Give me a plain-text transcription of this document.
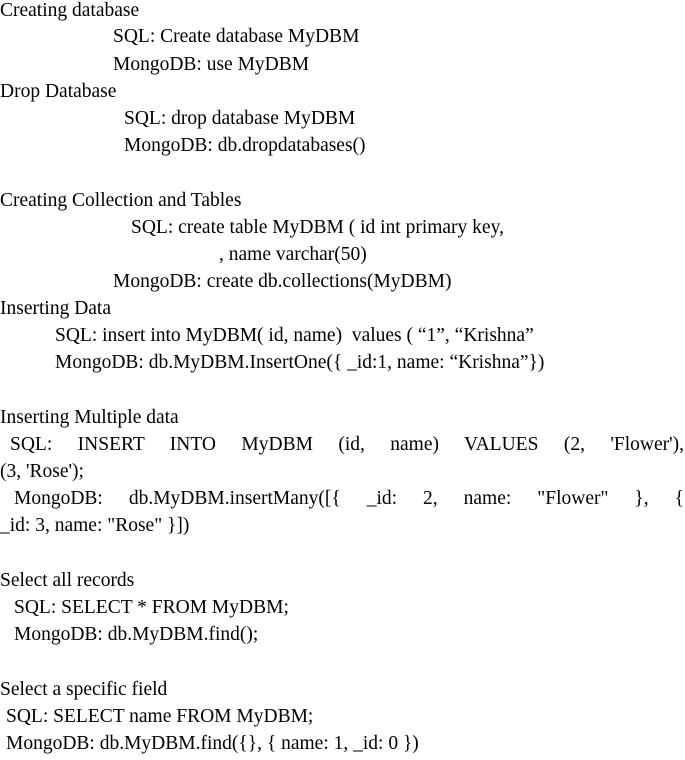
Creating database
SQL: Create database MyDBM
MongoDB: use MyDBM
Drop Database
SQL: drop database MyDBM
MongoDB: db.dropdatabases()
Creating Collection and Tables
SQL: create table MyDBM ( id int primary key,
, name varchar(50)
MongoDB: create db.collections(MyDBM)
Inserting Data
SQL: insert into MyDBM( id, name)  values ( “1”, “Krishna”
MongoDB: db.MyDBM.InsertOne({ _id:1, name: “Krishna”})
Inserting Multiple data
SQL: INSERT INTO MyDBM (id, name) VALUES (2, 'Flower'),
(3, 'Rose');
MongoDB: db.MyDBM.insertMany([{ _id: 2, name: "Flower" }, {
_id: 3, name: "Rose" }])
Select all records
SQL: SELECT * FROM MyDBM;
MongoDB: db.MyDBM.find();
Select a specific field
SQL: SELECT name FROM MyDBM;
MongoDB: db.MyDBM.find({}, { name: 1, _id: 0 })
